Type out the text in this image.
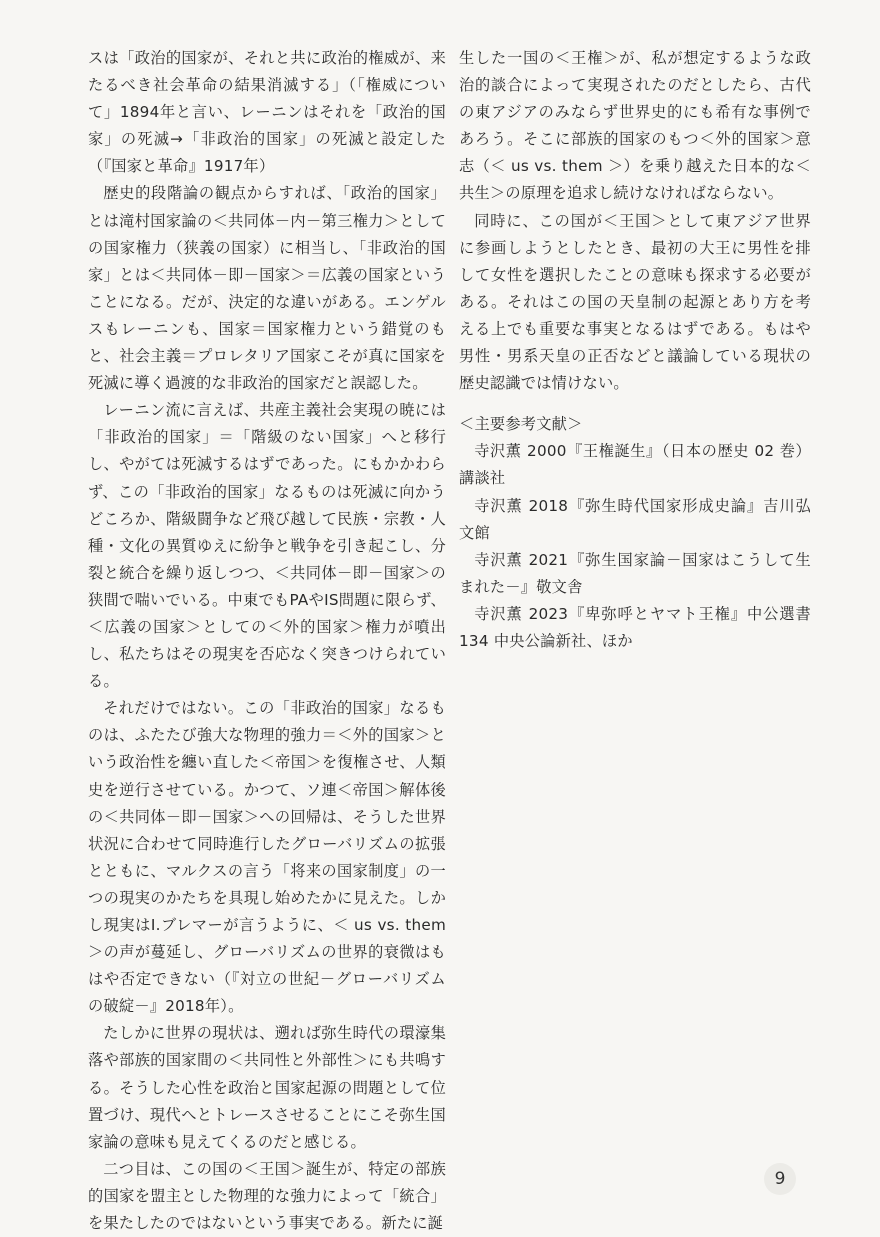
スは「政治的国家が、それと共に政治的権威が、来たるべき社会革命の結果消滅する」（「権威について」1894年と言い、レーニンはそれを「政治的国家」の死滅→「非政治的国家」の死滅と設定した（『国家と革命』1917年）

歴史的段階論の観点からすれば、「政治的国家」とは滝村国家論の＜共同体－内－第三権力＞としての国家権力（狭義の国家）に相当し、「非政治的国家」とは＜共同体－即－国家＞＝広義の国家ということになる。だが、決定的な違いがある。エンゲルスもレーニンも、国家＝国家権力という錯覚のもと、社会主義＝プロレタリア国家こそが真に国家を死滅に導く過渡的な非政治的国家だと誤認した。

レーニン流に言えば、共産主義社会実現の暁には「非政治的国家」＝「階級のない国家」へと移行し、やがては死滅するはずであった。にもかかわらず、この「非政治的国家」なるものは死滅に向かうどころか、階級闘争など飛び越して民族・宗教・人種・文化の異質ゆえに紛争と戦争を引き起こし、分裂と統合を繰り返しつつ、＜共同体－即－国家＞の狭間で喘いでいる。中東でもPAやIS問題に限らず、＜広義の国家＞としての＜外的国家＞権力が噴出し、私たちはその現実を否応なく突きつけられている。

それだけではない。この「非政治的国家」なるものは、ふたたび強大な物理的強力＝＜外的国家＞という政治性を纏い直した＜帝国＞を復権させ、人類史を逆行させている。かつて、ソ連＜帝国＞解体後の＜共同体－即－国家＞への回帰は、そうした世界状況に合わせて同時進行したグローバリズムの拡張とともに、マルクスの言う「将来の国家制度」の一つの現実のかたちを具現し始めたかに見えた。しかし現実はI.ブレマーが言うように、＜ us vs. them ＞の声が蔓延し、グローバリズムの世界的衰微はもはや否定できない（『対立の世紀－グローバリズムの破綻－』2018年）。

たしかに世界の現状は、遡れば弥生時代の環濠集落や部族的国家間の＜共同性と外部性＞にも共鳴する。そうした心性を政治と国家起源の問題として位置づけ、現代へとトレースさせることにこそ弥生国家論の意味も見えてくるのだと感じる。

二つ目は、この国の＜王国＞誕生が、特定の部族的国家を盟主とした物理的な強力によって「統合」を果たしたのではないという事実である。新たに誕

生した一国の＜王権＞が、私が想定するような政治的談合によって実現されたのだとしたら、古代の東アジアのみならず世界史的にも希有な事例であろう。そこに部族的国家のもつ＜外的国家＞意志（＜ us vs. them ＞）を乗り越えた日本的な＜共生＞の原理を追求し続けなければならない。

同時に、この国が＜王国＞として東アジア世界に参画しようとしたとき、最初の大王に男性を排して女性を選択したことの意味も探求する必要がある。それはこの国の天皇制の起源とあり方を考える上でも重要な事実となるはずである。もはや男性・男系天皇の正否などと議論している現状の歴史認識では情けない。

＜主要参考文献＞

寺沢薫 2000『王権誕生』（日本の歴史 02 巻）講談社

寺沢薫 2018『弥生時代国家形成史論』吉川弘文館

寺沢薫 2021『弥生国家論－国家はこうして生まれた－』敬文舎

寺沢薫 2023『卑弥呼とヤマト王権』中公選書134 中央公論新社、ほか

9
